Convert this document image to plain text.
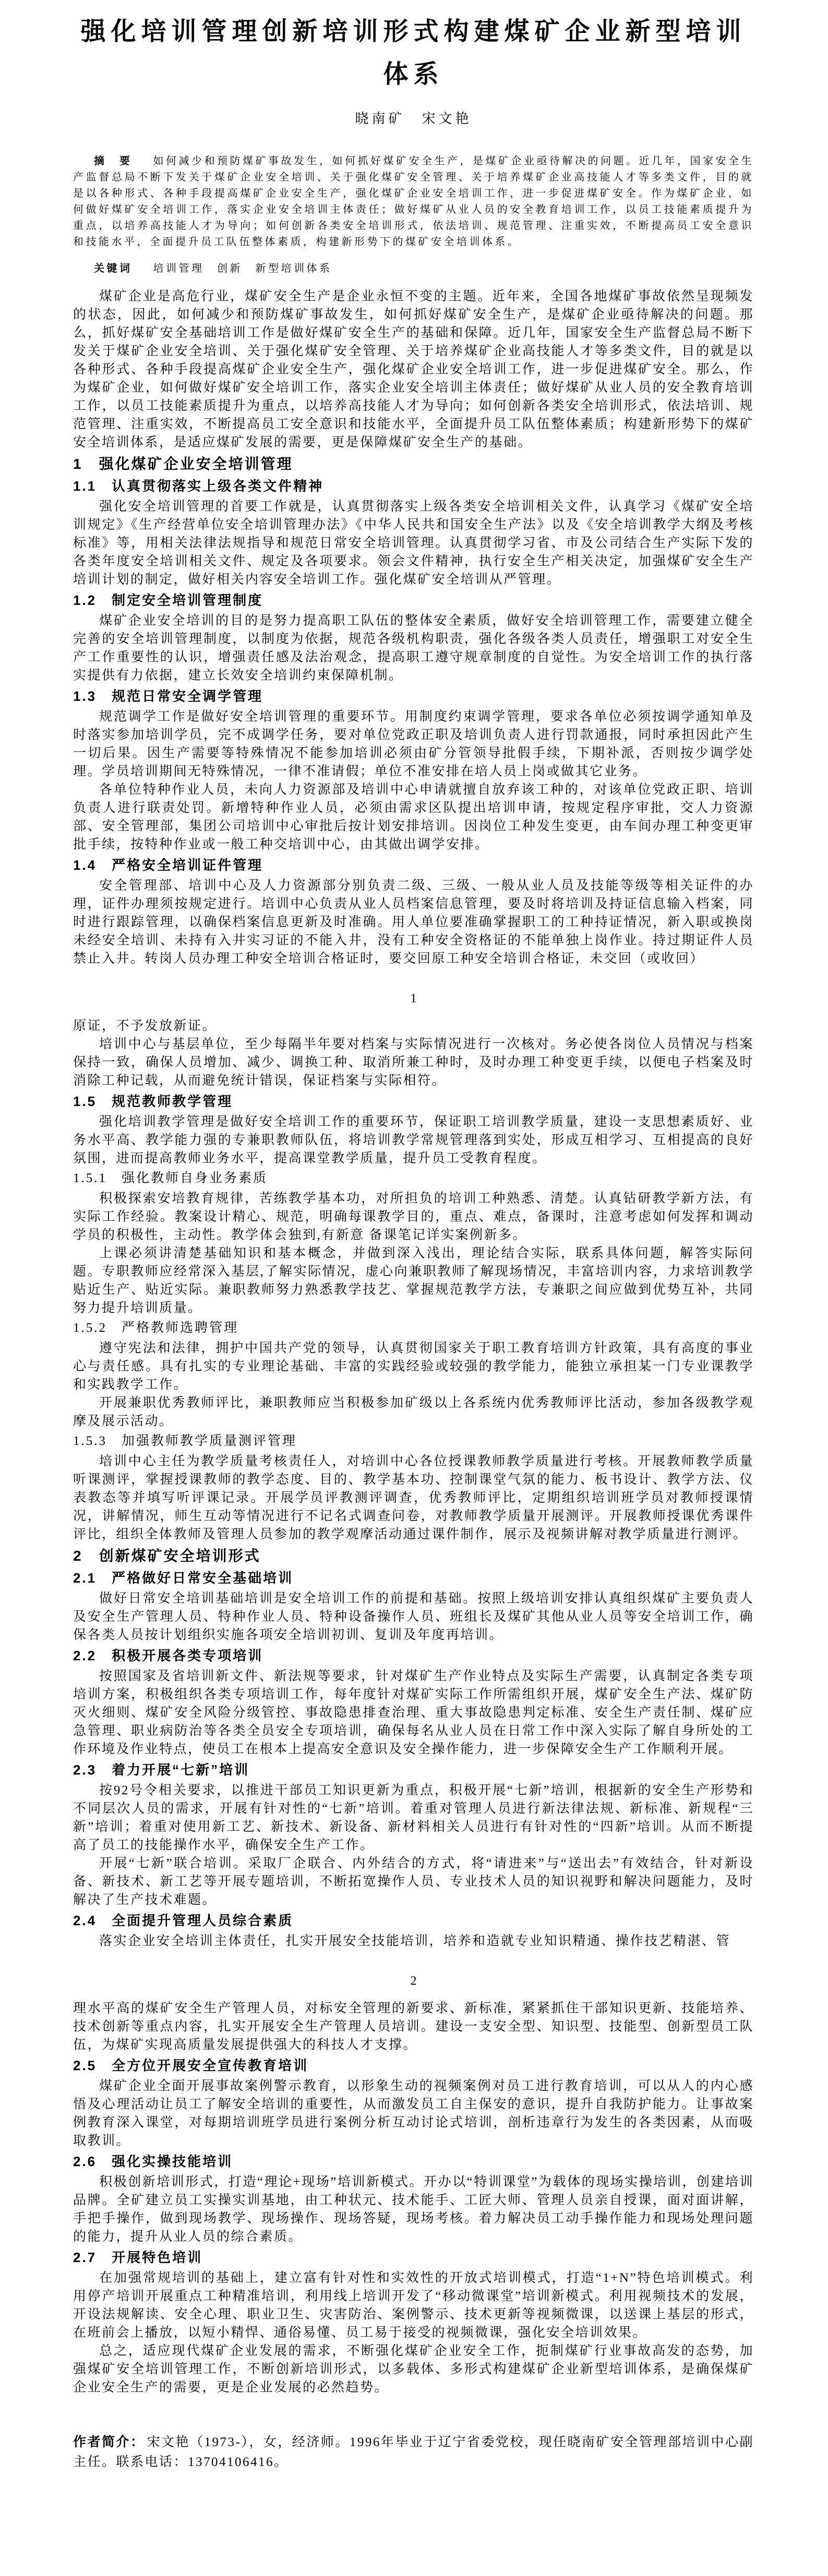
强化培训管理创新培训形式构建煤矿企业新型培训体系
晓南矿　宋文艳

摘　要 如何减少和预防煤矿事故发生，如何抓好煤矿安全生产，是煤矿企业亟待解决的问题。近几年，国家安全生产监督总局不断下发关于煤矿企业安全培训、关于强化煤矿安全管理、关于培养煤矿企业高技能人才等多类文件，目的就是以各种形式、各种手段提高煤矿企业安全生产，强化煤矿企业安全培训工作，进一步促进煤矿安全。作为煤矿企业，如何做好煤矿安全培训工作，落实企业安全培训主体责任；做好煤矿从业人员的安全教育培训工作，以员工技能素质提升为重点，以培养高技能人才为导向；如何创新各类安全培训形式，依法培训、规范管理、注重实效，不断提高员工安全意识和技能水平，全面提升员工队伍整体素质，构建新形势下的煤矿安全培训体系。

关键词 培训管理　创新　新型培训体系

煤矿企业是高危行业，煤矿安全生产是企业永恒不变的主题。近年来，全国各地煤矿事故依然呈现频发的状态，因此，如何减少和预防煤矿事故发生，如何抓好煤矿安全生产，是煤矿企业亟待解决的问题。那么，抓好煤矿安全基础培训工作是做好煤矿安全生产的基础和保障。近几年，国家安全生产监督总局不断下发关于煤矿企业安全培训、关于强化煤矿安全管理、关于培养煤矿企业高技能人才等多类文件，目的就是以各种形式、各种手段提高煤矿企业安全生产，强化煤矿企业安全培训工作，进一步促进煤矿安全。那么，作为煤矿企业，如何做好煤矿安全培训工作，落实企业安全培训主体责任；做好煤矿从业人员的安全教育培训工作，以员工技能素质提升为重点，以培养高技能人才为导向；如何创新各类安全培训形式，依法培训、规范管理、注重实效，不断提高员工安全意识和技能水平，全面提升员工队伍整体素质；构建新形势下的煤矿安全培训体系，是适应煤矿发展的需要，更是保障煤矿安全生产的基础。

1　强化煤矿企业安全培训管理
1.1　认真贯彻落实上级各类文件精神

强化安全培训管理的首要工作就是，认真贯彻落实上级各类安全培训相关文件，认真学习《煤矿安全培训规定》《生产经营单位安全培训管理办法》《中华人民共和国安全生产法》以及《安全培训教学大纲及考核标准》等，用相关法律法规指导和规范日常安全培训管理。认真贯彻学习省、市及公司结合生产实际下发的各类年度安全培训相关文件、规定及各项要求。领会文件精神，执行安全生产相关决定，加强煤矿安全生产培训计划的制定，做好相关内容安全培训工作。强化煤矿安全培训从严管理。

1.2　制定安全培训管理制度

煤矿企业安全培训的目的是努力提高职工队伍的整体安全素质，做好安全培训管理工作，需要建立健全完善的安全培训管理制度，以制度为依据，规范各级机构职责，强化各级各类人员责任，增强职工对安全生产工作重要性的认识，增强责任感及法治观念，提高职工遵守规章制度的自觉性。为安全培训工作的执行落实提供有力依据，建立长效安全培训约束保障机制。

1.3　规范日常安全调学管理

规范调学工作是做好安全培训管理的重要环节。用制度约束调学管理，要求各单位必须按调学通知单及时落实参加培训学员，完不成调学任务，要对单位党政正职及培训负责人进行罚款通报，同时承担因此产生一切后果。因生产需要等特殊情况不能参加培训必须由矿分管领导批假手续，下期补派，否则按少调学处理。学员培训期间无特殊情况，一律不准请假；单位不准安排在培人员上岗或做其它业务。

各单位特种作业人员，未向人力资源部及培训中心申请就擅自放弃该工种的，对该单位党政正职、培训负责人进行联责处罚。新增特种作业人员，必须由需求区队提出培训申请，按规定程序审批，交人力资源部、安全管理部，集团公司培训中心审批后按计划安排培训。因岗位工种发生变更，由车间办理工种变更审批手续，按特种作业或一般工种交培训中心，由其做出调学安排。

1.4　严格安全培训证件管理

安全管理部、培训中心及人力资源部分别负责二级、三级、一般从业人员及技能等级等相关证件的办理，证件办理须按规定进行。培训中心负责从业人员档案信息管理，要及时将培训及持证信息输入档案，同时进行跟踪管理，以确保档案信息更新及时准确。用人单位要准确掌握职工的工种持证情况，新入职或换岗未经安全培训、未持有入井实习证的不能入井，没有工种安全资格证的不能单独上岗作业。持过期证件人员禁止入井。转岗人员办理工种安全培训合格证时，要交回原工种安全培训合格证，未交回（或收回）

1

原证，不予发放新证。

培训中心与基层单位，至少每隔半年要对档案与实际情况进行一次核对。务必使各岗位人员情况与档案保持一致，确保人员增加、减少、调换工种、取消所兼工种时，及时办理工种变更手续，以便电子档案及时消除工种记载，从而避免统计错误，保证档案与实际相符。

1.5　规范教师教学管理

强化培训教学管理是做好安全培训工作的重要环节，保证职工培训教学质量，建设一支思想素质好、业务水平高、教学能力强的专兼职教师队伍，将培训教学常规管理落到实处，形成互相学习、互相提高的良好氛围，进而提高教师业务水平，提高课堂教学质量，提升员工受教育程度。

1.5.1　强化教师自身业务素质

积极探索安培教育规律，苦练教学基本功，对所担负的培训工种熟悉、清楚。认真钻研教学新方法，有实际工作经验。教案设计精心、规范，明确每课教学目的，重点、难点，备课时，注意考虑如何发挥和调动学员的积极性，主动性。教学体会独到,有新意 备课笔记详实案例新多。

上课必须讲清楚基础知识和基本概念，并做到深入浅出，理论结合实际，联系具体问题，解答实际问题。专职教师应经常深入基层,了解实际情况，虚心向兼职教师了解现场情况，丰富培训内容，力求培训教学贴近生产、贴近实际。兼职教师努力熟悉教学技艺、掌握规范教学方法，专兼职之间应做到优势互补，共同努力提升培训质量。

1.5.2　严格教师选聘管理

遵守宪法和法律，拥护中国共产党的领导，认真贯彻国家关于职工教育培训方针政策，具有高度的事业心与责任感。具有扎实的专业理论基础、丰富的实践经验或较强的教学能力，能独立承担某一门专业课教学和实践教学工作。

开展兼职优秀教师评比，兼职教师应当积极参加矿级以上各系统内优秀教师评比活动，参加各级教学观摩及展示活动。

1.5.3　加强教师教学质量测评管理

培训中心主任为教学质量考核责任人，对培训中心各位授课教师教学质量进行考核。开展教师教学质量听课测评，掌握授课教师的教学态度、目的、教学基本功、控制课堂气氛的能力、板书设计、教学方法、仪表教态等并填写听评课记录。开展学员评教测评调查，优秀教师评比，定期组织培训班学员对教师授课情况，讲解情况，师生互动等情况进行不记名式调查问卷，对教师教学质量开展测评。开展教师授课优秀课件评比，组织全体教师及管理人员参加的教学观摩活动通过课件制作，展示及视频讲解对教学质量进行测评。

2　创新煤矿安全培训形式
2.1　严格做好日常安全基础培训

做好日常安全培训基础培训是安全培训工作的前提和基础。按照上级培训安排认真组织煤矿主要负责人及安全生产管理人员、特种作业人员、特种设备操作人员、班组长及煤矿其他从业人员等安全培训工作，确保各类人员按计划组织实施各项安全培训初训、复训及年度再培训。

2.2　积极开展各类专项培训

按照国家及省培训新文件、新法规等要求，针对煤矿生产作业特点及实际生产需要，认真制定各类专项培训方案，积极组织各类专项培训工作，每年度针对煤矿实际工作所需组织开展，煤矿安全生产法、煤矿防灭火细则、煤矿安全风险分级管控、事故隐患排查治理、重大事故隐患判定标准、安全生产责任制、煤矿应急管理、职业病防治等各类全员安全专项培训，确保每名从业人员在日常工作中深入实际了解自身所处的工作环境及作业特点，使员工在根本上提高安全意识及安全操作能力，进一步保障安全生产工作顺利开展。

2.3　着力开展“七新”培训

按92号令相关要求，以推进干部员工知识更新为重点，积极开展“七新”培训，根据新的安全生产形势和不同层次人员的需求，开展有针对性的“七新”培训。着重对管理人员进行新法律法规、新标准、新规程“三新”培训；着重对使用新工艺、新技术、新设备、新材料相关人员进行有针对性的“四新”培训。从而不断提高了员工的技能操作水平，确保安全生产工作。

开展“七新”联合培训。采取厂企联合、内外结合的方式，将“请进来”与“送出去”有效结合，针对新设备、新技术、新工艺等开展专题培训，不断拓宽操作人员、专业技术人员的知识视野和解决问题能力，及时解决了生产技术难题。

2.4　全面提升管理人员综合素质

落实企业安全培训主体责任，扎实开展安全技能培训，培养和造就专业知识精通、操作技艺精湛、管

2

理水平高的煤矿安全生产管理人员，对标安全管理的新要求、新标准，紧紧抓住干部知识更新、技能培养、技术创新等重点内容，扎实开展安全生产管理人员培训。建设一支安全型、知识型、技能型、创新型员工队伍，为煤矿实现高质量发展提供强大的科技人才支撑。

2.5　全方位开展安全宣传教育培训

煤矿企业全面开展事故案例警示教育，以形象生动的视频案例对员工进行教育培训，可以从人的内心感悟及心理活动让员工了解安全培训的重要性，从而激发员工自主保安的意识，提升自我防护能力。让事故案例教育深入课堂，对每期培训班学员进行案例分析互动讨论式培训，剖析违章行为发生的各类因素，从而吸取教训。

2.6　强化实操技能培训

积极创新培训形式，打造“理论+现场”培训新模式。开办以“特训课堂”为载体的现场实操培训，创建培训品牌。全矿建立员工实操实训基地，由工种状元、技术能手、工匠大师、管理人员亲自授课，面对面讲解，手把手操作，做到现场教学、现场操作、现场答疑，现场考核。着力解决员工动手操作能力和现场处理问题的能力，提升从业人员的综合素质。

2.7　开展特色培训

在加强常规培训的基础上，建立富有针对性和实效性的开放式培训模式，打造“1+N”特色培训模式。利用停产培训开展重点工种精准培训，利用线上培训开发了“移动微课堂”培训新模式。利用视频技术的发展，开设法规解读、安全心理、职业卫生、灾害防治、案例警示、技术更新等视频微课，以送课上基层的形式，在班前会上播放，以短小精悍、通俗易懂、员工易于接受的视频微课，强化安全培训效果。

总之，适应现代煤矿企业发展的需求，不断强化煤矿企业安全工作，扼制煤矿行业事故高发的态势，加强煤矿安全培训管理工作，不断创新培训形式，以多载体、多形式构建煤矿企业新型培训体系，是确保煤矿企业安全生产的需要，更是企业发展的必然趋势。

作者简介： 宋文艳（1973-），女，经济师。1996年毕业于辽宁省委党校，现任晓南矿安全管理部培训中心副主任。联系电话：13704106416。
